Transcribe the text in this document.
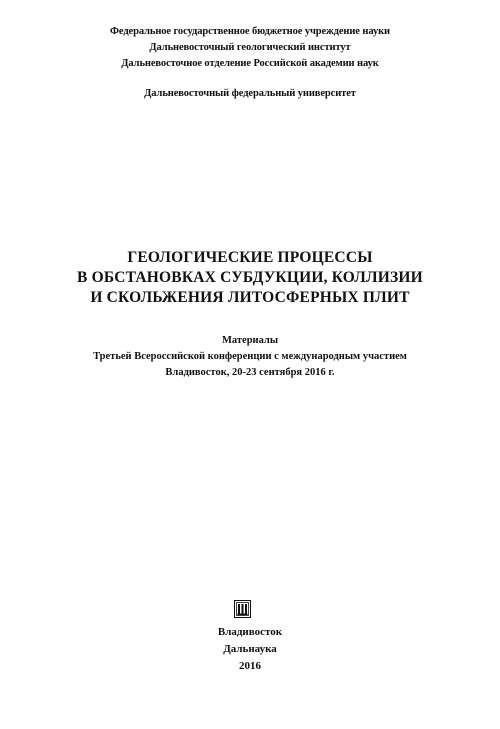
Федеральное государственное бюджетное учреждение науки
Дальневосточный геологический институт
Дальневосточное отделение Российской академии наук
Дальневосточный федеральный университет
ГЕОЛОГИЧЕСКИЕ ПРОЦЕССЫ
В ОБСТАНОВКАХ СУБДУКЦИИ, КОЛЛИЗИИ
И СКОЛЬЖЕНИЯ ЛИТОСФЕРНЫХ ПЛИТ
Материалы
Третьей Всероссийской конференции с международным участием
Владивосток, 20-23 сентября 2016 г.
Владивосток
Дальнаука
2016
